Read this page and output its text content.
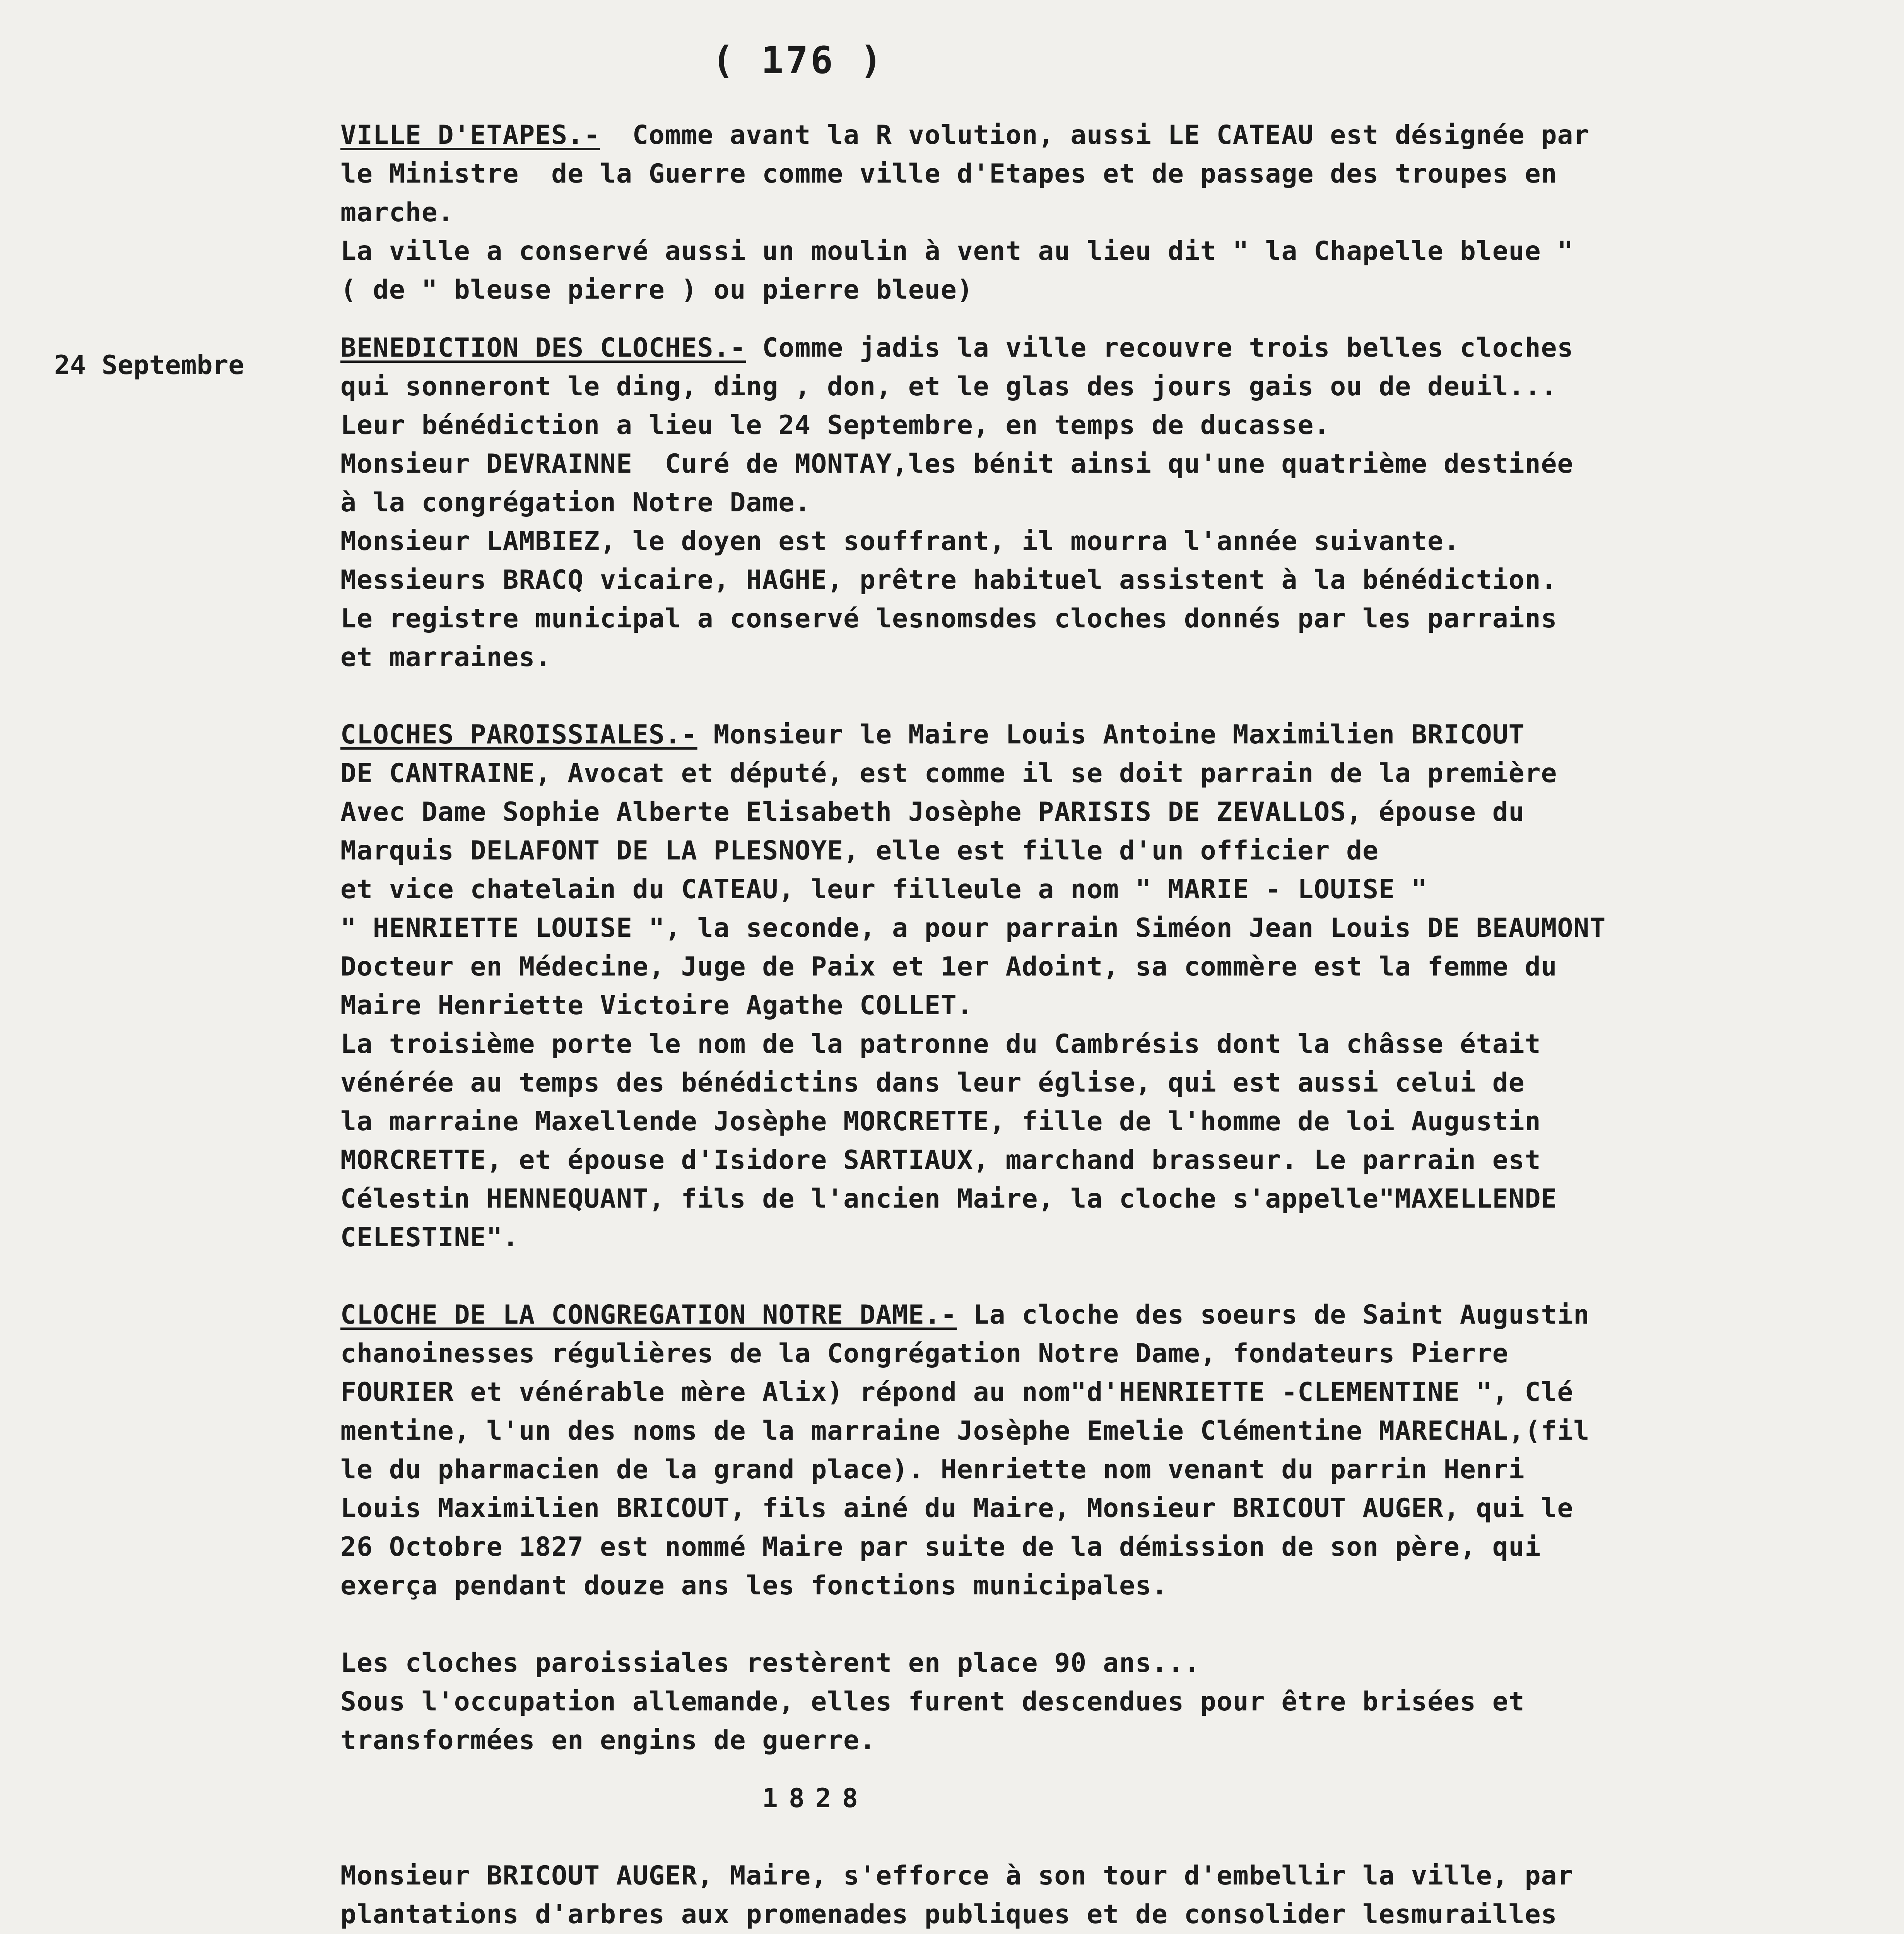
( 176 )
24 Septembre
VILLE D'ETAPES.-  Comme avant la R volution, aussi LE CATEAU est désignée par
le Ministre  de la Guerre comme ville d'Etapes et de passage des troupes en
marche.
La ville a conservé aussi un moulin à vent au lieu dit " la Chapelle bleue "
( de " bleuse pierre ) ou pierre bleue)
BENEDICTION DES CLOCHES.- Comme jadis la ville recouvre trois belles cloches
qui sonneront le ding, ding , don, et le glas des jours gais ou de deuil...
Leur bénédiction a lieu le 24 Septembre, en temps de ducasse.
Monsieur DEVRAINNE  Curé de MONTAY,les bénit ainsi qu'une quatrième destinée
à la congrégation Notre Dame.
Monsieur LAMBIEZ, le doyen est souffrant, il mourra l'année suivante.
Messieurs BRACQ vicaire, HAGHE, prêtre habituel assistent à la bénédiction.
Le registre municipal a conservé lesnomsdes cloches donnés par les parrains
et marraines.
CLOCHES PAROISSIALES.- Monsieur le Maire Louis Antoine Maximilien BRICOUT
DE CANTRAINE, Avocat et député, est comme il se doit parrain de la première
Avec Dame Sophie Alberte Elisabeth Josèphe PARISIS DE ZEVALLOS, épouse du
Marquis DELAFONT DE LA PLESNOYE, elle est fille d'un officier de
et vice chatelain du CATEAU, leur filleule a nom " MARIE - LOUISE "
" HENRIETTE LOUISE ", la seconde, a pour parrain Siméon Jean Louis DE BEAUMONT
Docteur en Médecine, Juge de Paix et 1er Adoint, sa commère est la femme du
Maire Henriette Victoire Agathe COLLET.
La troisième porte le nom de la patronne du Cambrésis dont la châsse était
vénérée au temps des bénédictins dans leur église, qui est aussi celui de
la marraine Maxellende Josèphe MORCRETTE, fille de l'homme de loi Augustin
MORCRETTE, et épouse d'Isidore SARTIAUX, marchand brasseur. Le parrain est
Célestin HENNEQUANT, fils de l'ancien Maire, la cloche s'appelle"MAXELLENDE
CELESTINE".
CLOCHE DE LA CONGREGATION NOTRE DAME.- La cloche des soeurs de Saint Augustin
chanoinesses régulières de la Congrégation Notre Dame, fondateurs Pierre
FOURIER et vénérable mère Alix) répond au nom"d'HENRIETTE -CLEMENTINE ", Clé
mentine, l'un des noms de la marraine Josèphe Emelie Clémentine MARECHAL,(fil
le du pharmacien de la grand place). Henriette nom venant du parrin Henri
Louis Maximilien BRICOUT, fils ainé du Maire, Monsieur BRICOUT AUGER, qui le
26 Octobre 1827 est nommé Maire par suite de la démission de son père, qui
exerça pendant douze ans les fonctions municipales.
Les cloches paroissiales restèrent en place 90 ans...
Sous l'occupation allemande, elles furent descendues pour être brisées et
transformées en engins de guerre.
1828
Monsieur BRICOUT AUGER, Maire, s'efforce à son tour d'embellir la ville, par
plantations d'arbres aux promenades publiques et de consolider lesmurailles
